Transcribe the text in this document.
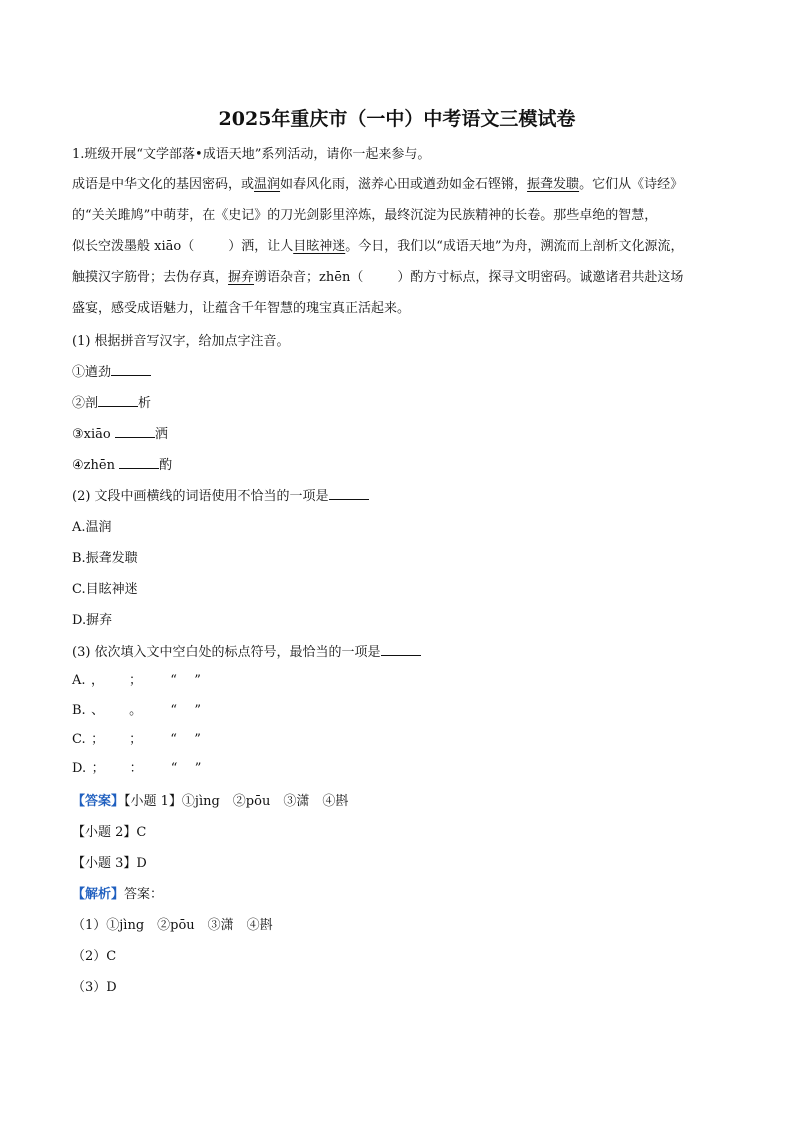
2025年重庆市（一中）中考语文三模试卷
1.班级开展“文学部落•成语天地”系列活动，请你一起来参与。
成语是中华文化的基因密码，或温润如春风化雨，滋养心田或遒劲如金石铿锵，振聋发聩。它们从《诗经》
的“关关雎鸠”中萌芽，在《史记》的刀光剑影里淬炼，最终沉淀为民族精神的长卷。那些卓绝的智慧，
似长空泼墨般 xiāo（	）洒，让人目眩神迷。今日，我们以“成语天地”为舟，溯流而上剖析文化源流，
触摸汉字筋骨；去伪存真，摒弃谫语杂音；zhēn（	）酌方寸标点，探寻文明密码。诚邀诸君共赴这场
盛宴，感受成语魅力，让蕴含千年智慧的瑰宝真正活起来。
(1) 根据拼音写汉字，给加点字注音。
①遒劲
②剖	析
③xiāo	洒
④zhēn	酌
(2) 文段中画横线的词语使用不恰当的一项是
A.温润
B.振聋发聩
C.目眩神迷
D.摒弃
(3) 依次填入文中空白处的标点符号，最恰当的一项是
A. ， ； “ ”
B. 、 。 “ ”
C. ； ； “ ”
D. ； ： “ ”
【答案】【小题 1】①jìng　②pōu　③潇　④斟
【小题 2】C
【小题 3】D
【解析】答案：
（1）①jìng　②pōu　③潇　④斟
（2）C
（3）D
